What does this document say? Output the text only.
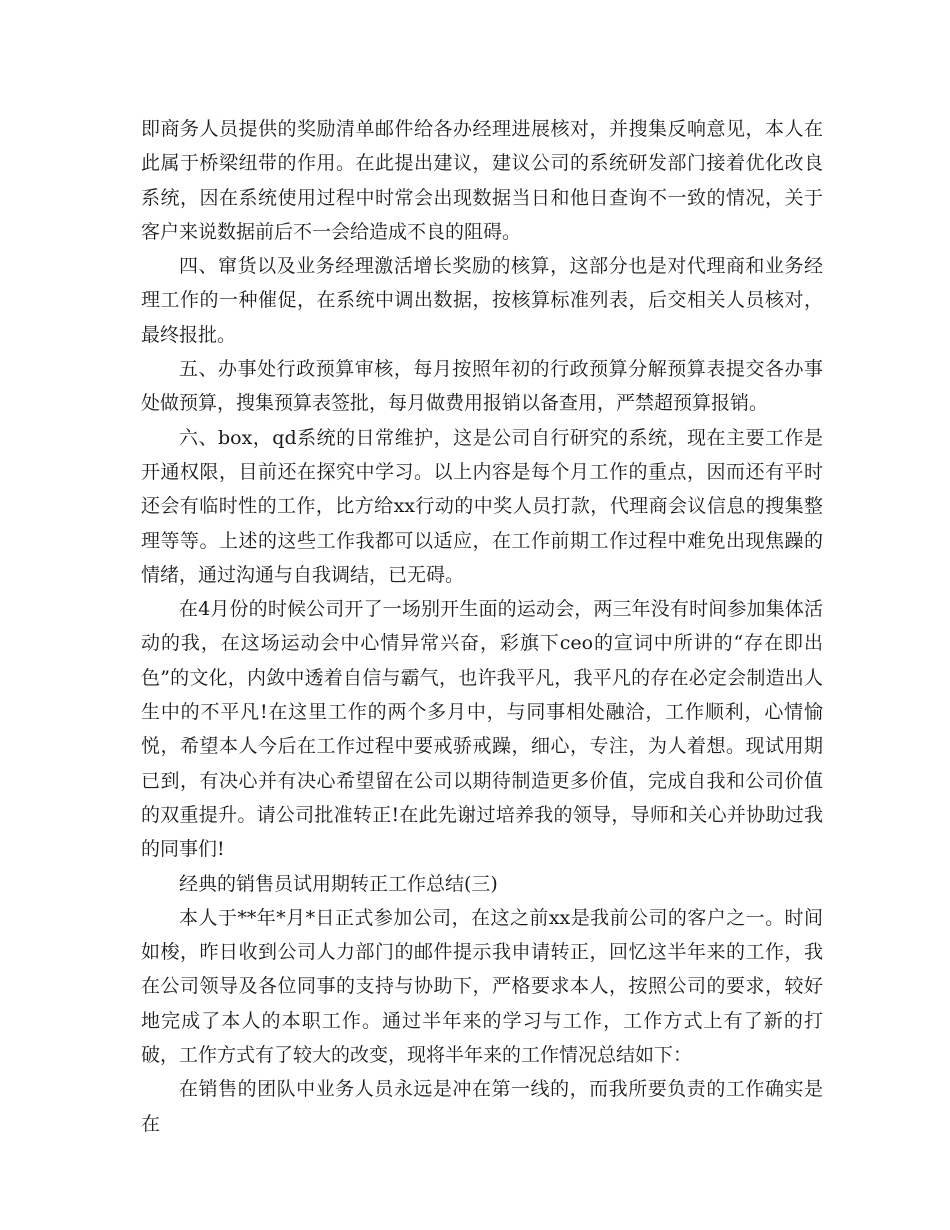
即商务人员提供的奖励清单邮件给各办经理进展核对，并搜集反响意见，本人在此属于桥梁纽带的作用。在此提出建议，建议公司的系统研发部门接着优化改良系统，因在系统使用过程中时常会出现数据当日和他日查询不一致的情况，关于客户来说数据前后不一会给造成不良的阻碍。

四、窜货以及业务经理激活增长奖励的核算，这部分也是对代理商和业务经理工作的一种催促，在系统中调出数据，按核算标准列表，后交相关人员核对，最终报批。

五、办事处行政预算审核，每月按照年初的行政预算分解预算表提交各办事处做预算，搜集预算表签批，每月做费用报销以备查用，严禁超预算报销。

六、box，qd系统的日常维护，这是公司自行研究的系统，现在主要工作是开通权限，目前还在探究中学习。以上内容是每个月工作的重点，因而还有平时还会有临时性的工作，比方给xx行动的中奖人员打款，代理商会议信息的搜集整理等等。上述的这些工作我都可以适应，在工作前期工作过程中难免出现焦躁的情绪，通过沟通与自我调结，已无碍。

在4月份的时候公司开了一场别开生面的运动会，两三年没有时间参加集体活动的我，在这场运动会中心情异常兴奋，彩旗下ceo的宣词中所讲的“存在即出色”的文化，内敛中透着自信与霸气，也许我平凡，我平凡的存在必定会制造出人生中的不平凡!在这里工作的两个多月中，与同事相处融洽，工作顺利，心情愉悦，希望本人今后在工作过程中要戒骄戒躁，细心，专注，为人着想。现试用期已到，有决心并有决心希望留在公司以期待制造更多价值，完成自我和公司价值的双重提升。请公司批准转正!在此先谢过培养我的领导，导师和关心并协助过我的同事们!

经典的销售员试用期转正工作总结(三)

本人于**年*月*日正式参加公司，在这之前xx是我前公司的客户之一。时间如梭，昨日收到公司人力部门的邮件提示我申请转正，回忆这半年来的工作，我在公司领导及各位同事的支持与协助下，严格要求本人，按照公司的要求，较好地完成了本人的本职工作。通过半年来的学习与工作，工作方式上有了新的打破，工作方式有了较大的改变，现将半年来的工作情况总结如下：

在销售的团队中业务人员永远是冲在第一线的，而我所要负责的工作确实是在
